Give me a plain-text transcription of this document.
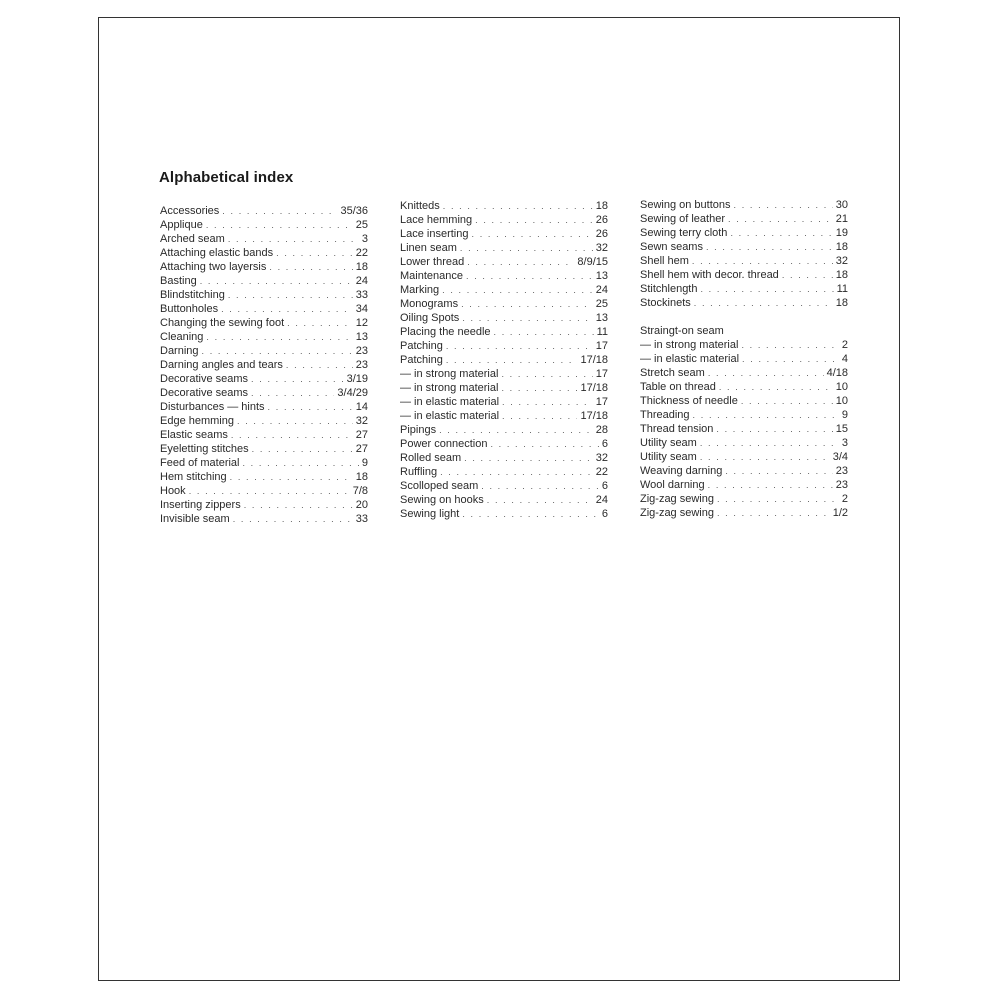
Alphabetical index
Accessories . . .	35/36
Applique . . .	25
Arched seam . . .	3
Attaching elastic bands . . .	22
Attaching two layersis . . .	18
Basting . . .	24
Blindstitching . . .	33
Buttonholes . . .	34
Changing the sewing foot . . .	12
Cleaning . . .	13
Darning . . .	23
Darning angles and tears . . .	23
Decorative seams . . .	3/19
Decorative seams . . .	3/4/29
Disturbances — hints . . .	14
Edge hemming . . .	32
Elastic seams . . .	27
Eyeletting stitches . . .	27
Feed of material . . .	9
Hem stitching . . .	18
Hook . . .	7/8
Inserting zippers . . .	20
Invisible seam . . .	33
Knitteds . . .	18
Lace hemming . . .	26
Lace inserting . . .	26
Linen seam . . .	32
Lower thread . . .	8/9/15
Maintenance . . .	13
Marking . . .	24
Monograms . . .	25
Oiling Spots . . .	13
Placing the needle . . .	11
Patching . . .	17
Patching . . .	17/18
— in strong material . . .	17
— in strong material . . .	17/18
— in elastic material . . .	17
— in elastic material . . .	17/18
Pipings . . .	28
Power connection . . .	6
Rolled seam . . .	32
Ruffling . . .	22
Scolloped seam . . .	6
Sewing on hooks . . .	24
Sewing light . . .	6
Sewing on buttons . . .	30
Sewing of leather . . .	21
Sewing terry cloth . . .	19
Sewn seams . . .	18
Shell hem . . .	32
Shell hem with decor. thread . . .	18
Stitchlength . . .	11
Stockinets . . .	18
Straingt-on seam
— in strong material . . .	2
— in elastic material . . .	4
Stretch seam . . .	4/18
Table on thread . . .	10
Thickness of needle . . .	10
Threading . . .	9
Thread tension . . .	15
Utility seam . . .	3
Utility seam . . .	3/4
Weaving darning . . .	23
Wool darning . . .	23
Zig-zag sewing . . .	2
Zig-zag sewing . . .	1/2
